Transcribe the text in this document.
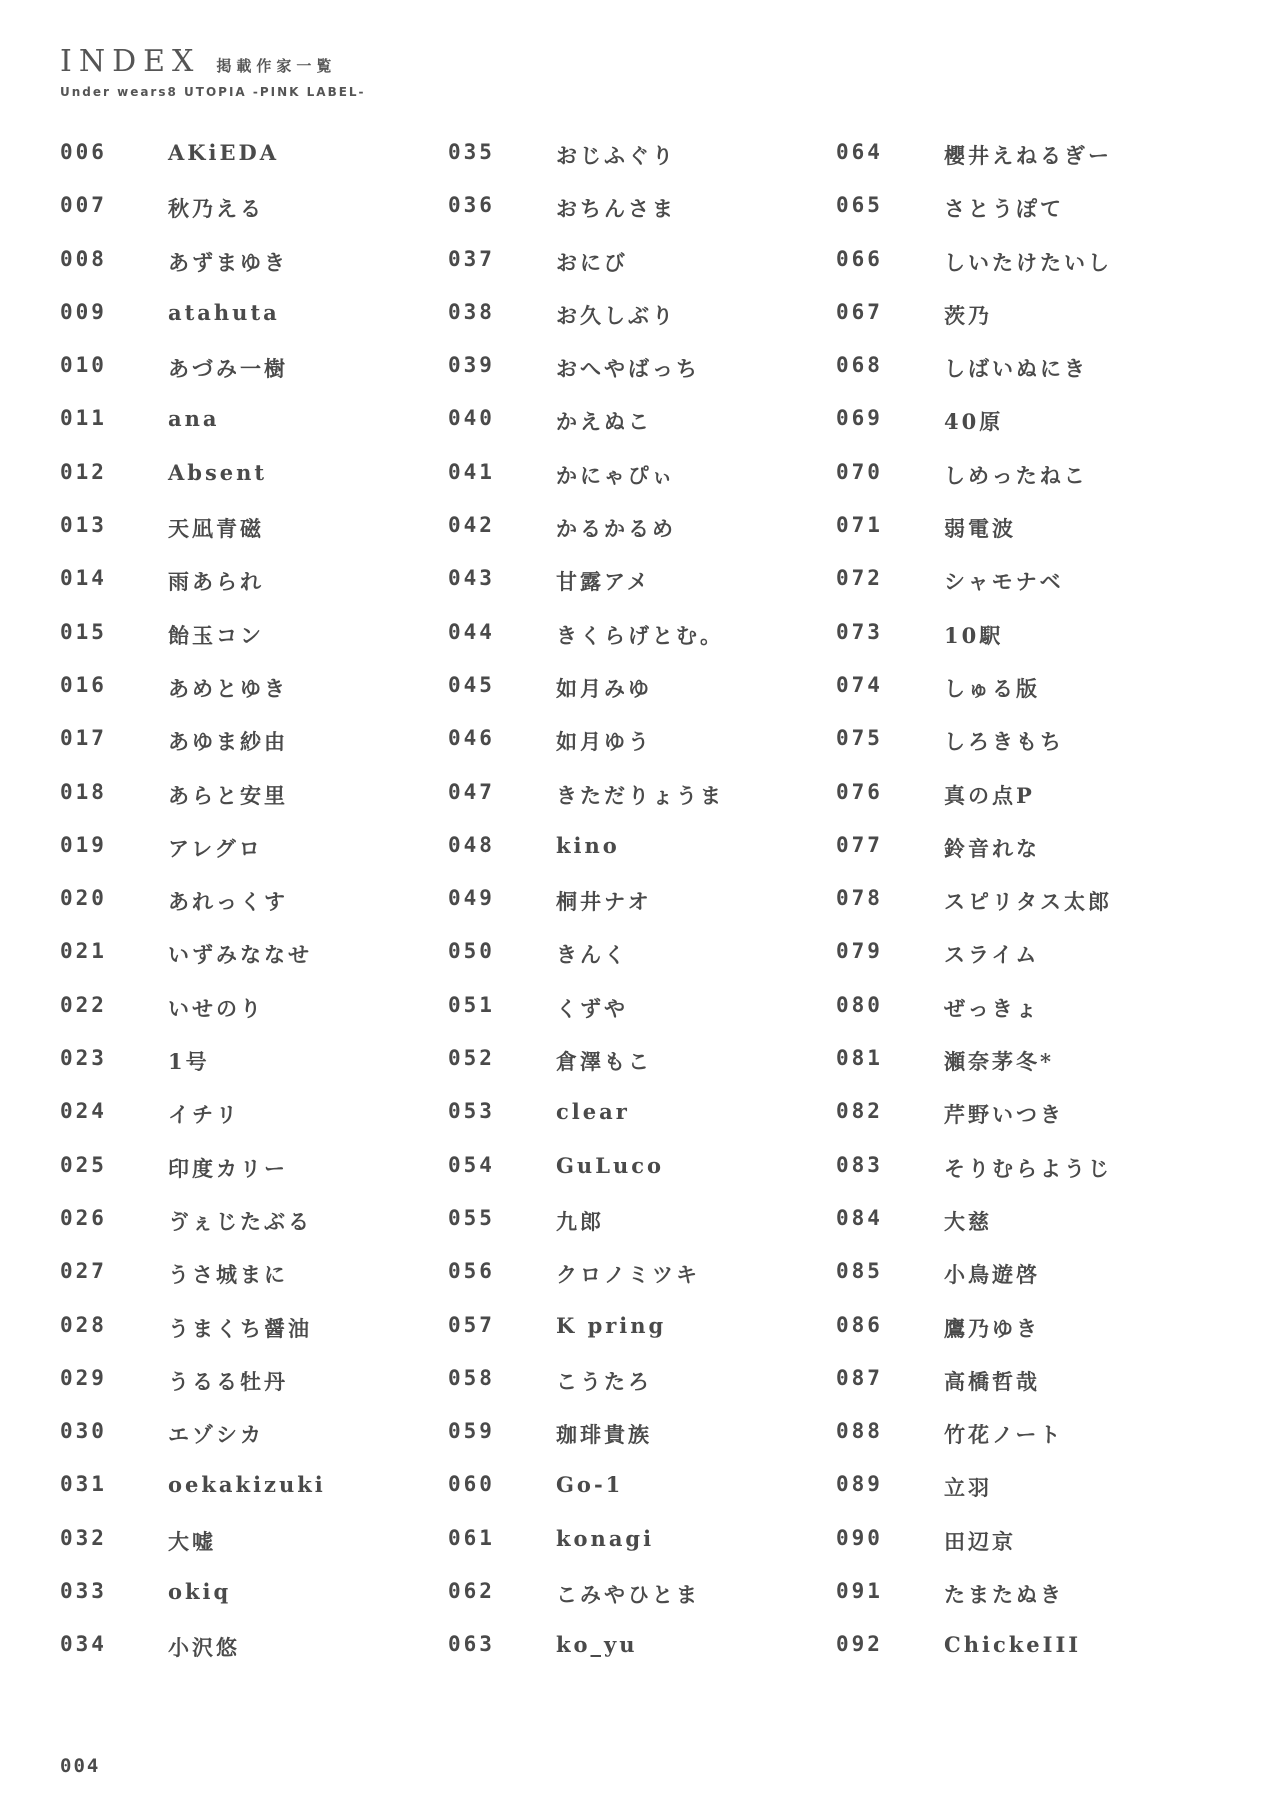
INDEX 掲載作家一覧
Under wears8 UTOPIA -PINK LABEL-
006	AKiEDA
007	秋乃える
008	あずまゆき
009	atahuta
010	あづみ一樹
011	ana
012	Absent
013	天凪青磁
014	雨あられ
015	飴玉コン
016	あめとゆき
017	あゆま紗由
018	あらと安里
019	アレグロ
020	あれっくす
021	いずみななせ
022	いせのり
023	1号
024	イチリ
025	印度カリー
026	ゔぇじたぶる
027	うさ城まに
028	うまくち醤油
029	うるる牡丹
030	エゾシカ
031	oekakizuki
032	大嘘
033	okiq
034	小沢悠
035	おじふぐり
036	おちんさま
037	おにび
038	お久しぶり
039	おへやばっち
040	かえぬこ
041	かにゃぴぃ
042	かるかるめ
043	甘露アメ
044	きくらげとむ。
045	如月みゆ
046	如月ゆう
047	きただりょうま
048	kino
049	桐井ナオ
050	きんく
051	くずや
052	倉澤もこ
053	clear
054	GuLuco
055	九郎
056	クロノミツキ
057	K pring
058	こうたろ
059	珈琲貴族
060	Go-1
061	konagi
062	こみやひとま
063	ko_yu
064	櫻井えねるぎー
065	さとうぽて
066	しいたけたいし
067	茨乃
068	しばいぬにき
069	40原
070	しめったねこ
071	弱電波
072	シャモナベ
073	10駅
074	しゅる版
075	しろきもち
076	真の点P
077	鈴音れな
078	スピリタス太郎
079	スライム
080	ぜっきょ
081	瀬奈茅冬*
082	芹野いつき
083	そりむらようじ
084	大慈
085	小鳥遊啓
086	鷹乃ゆき
087	高橋哲哉
088	竹花ノート
089	立羽
090	田辺京
091	たまたぬき
092	ChickeIII
004
